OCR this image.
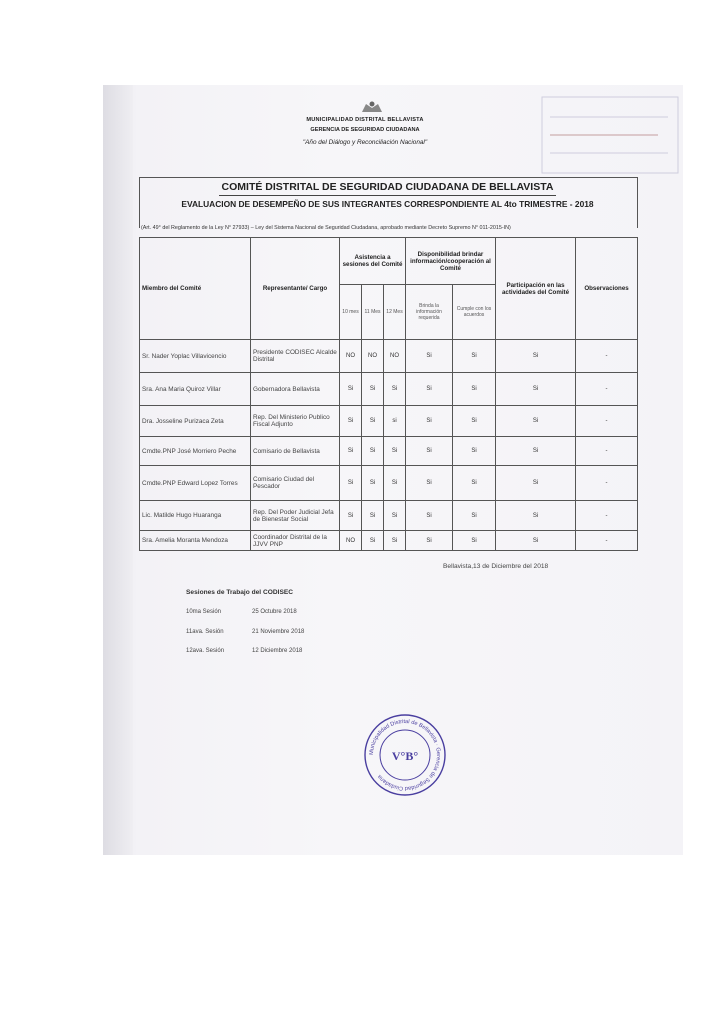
MUNICIPALIDAD DISTRITAL BELLAVISTA
GERENCIA DE SEGURIDAD CIUDADANA
"Año del Diálogo y Reconciliación Nacional"
COMITÉ DISTRITAL DE SEGURIDAD CIUDADANA DE BELLAVISTA
EVALUACION DE DESEMPEÑO DE SUS INTEGRANTES CORRESPONDIENTE AL 4to TRIMESTRE - 2018
(Art. 49° del Reglamento de la Ley N° 27933) – Ley del Sistema Nacional de Seguridad Ciudadana, aprobado mediante Decreto Supremo N° 011-2015-IN)
Miembro del Comité	Representante/ Cargo	Asistencia a sesiones del Comité			Disponibilidad brindar información/cooperación al Comité		Participación en las actividades del Comité	Observaciones
		10 mes	11 Mes	12 Mes	Brinda la información requerida	Cumple con los acuerdos		
Sr. Nader Yoplac Villavicencio	Presidente CODISEC Alcalde Distrital	NO	NO	NO	Si	Si	Si	-
Sra. Ana Maria Quiroz Villar	Gobernadora Bellavista	Si	Si	Si	Si	Si	Si	-
Dra. Josseline Purizaca Zeta	Rep. Del Ministerio Publico Fiscal Adjunto	Si	Si	si	Si	Si	Si	-
Cmdte.PNP José Morriero Peche	Comisario de Bellavista	Si	Si	Si	Si	Si	Si	-
Cmdte.PNP Edward Lopez Torres	Comisario Ciudad del Pescador	Si	Si	Si	Si	Si	Si	-
Lic. Matilde Hugo Huaranga	Rep. Del Poder Judicial Jefa de Bienestar Social	Si	Si	Si	Si	Si	Si	-
Sra. Amelia Moranta Mendoza	Coordinador Distrital de la JJVV PNP	NO	Si	Si	Si	Si	Si	-
Bellavista,13 de Diciembre del 2018
Sesiones de Trabajo del CODISEC
10ma Sesión	25 Octubre 2018
11ava. Sesión	21 Noviembre 2018
12ava. Sesión	12 Diciembre 2018
Municipalidad Distrital de Bellavista · Gerencia de Seguridad Ciudadana
V°B°
